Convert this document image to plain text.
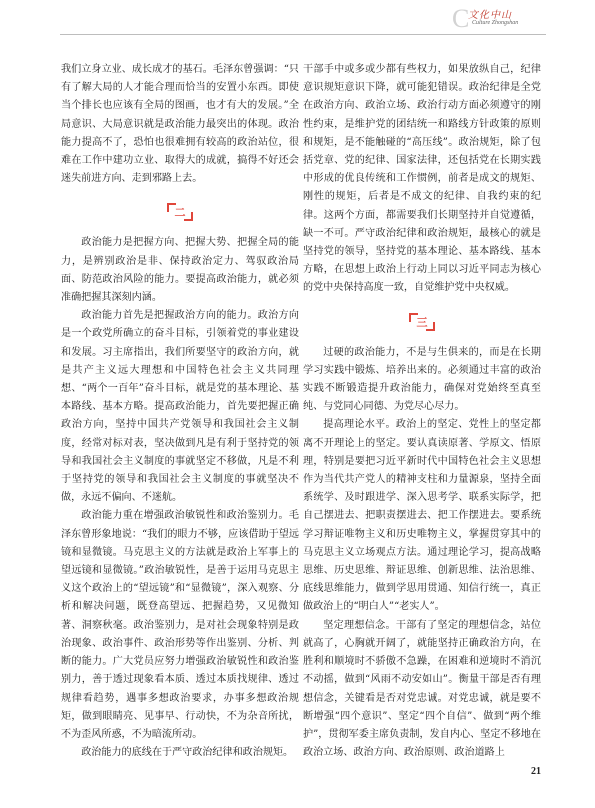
C
文化中山
Culture Zhongshan

我们立身立业、成长成才的基石。毛泽东曾强调：“只有了解大局的人才能合理而恰当的安置小东西。即使当个排长也应该有全局的图画，也才有大的发展。”全局意识、大局意识就是政治能力最突出的体现。政治能力提高不了，恐怕也很难拥有较高的政治站位，很难在工作中建功立业、取得大的成就，搞得不好还会迷失前进方向、走到邪路上去。

二

政治能力是把握方向、把握大势、把握全局的能力，是辨别政治是非、保持政治定力、驾驭政治局面、防范政治风险的能力。要提高政治能力，就必须准确把握其深刻内涵。

政治能力首先是把握政治方向的能力。政治方向是一个政党所确立的奋斗目标，引领着党的事业建设和发展。习主席指出，我们所要坚守的政治方向，就是共产主义远大理想和中国特色社会主义共同理想、“两个一百年”奋斗目标，就是党的基本理论、基本路线、基本方略。提高政治能力，首先要把握正确政治方向，坚持中国共产党领导和我国社会主义制度，经常对标对表，坚决做到凡是有利于坚持党的领导和我国社会主义制度的事就坚定不移做，凡是不利于坚持党的领导和我国社会主义制度的事就坚决不做，永远不偏向、不迷航。

政治能力重在增强政治敏锐性和政治鉴别力。毛泽东曾形象地说：“我们的眼力不够，应该借助于望远镜和显微镜。马克思主义的方法就是政治上军事上的望远镜和显微镜。”政治敏锐性，是善于运用马克思主义这个政治上的“望远镜”和“显微镜”，深入观察、分析和解决问题，既登高望远、把握趋势，又见微知著、洞察秋毫。政治鉴别力，是对社会现象特别是政治现象、政治事件、政治形势等作出鉴别、分析、判断的能力。广大党员应努力增强政治敏锐性和政治鉴别力，善于透过现象看本质、透过本质找规律、透过规律看趋势，遇事多想政治要求，办事多想政治规矩，做到眼睛亮、见事早、行动快，不为杂音所扰，不为歪风所惑，不为暗流所动。

政治能力的底线在于严守政治纪律和政治规矩。

干部手中或多或少都有些权力，如果放纵自己，纪律意识规矩意识下降，就可能犯错误。政治纪律是全党在政治方向、政治立场、政治行动方面必须遵守的刚性约束，是维护党的团结统一和路线方针政策的原则和规矩，是不能触碰的“高压线”。政治规矩，除了包括党章、党的纪律、国家法律，还包括党在长期实践中形成的优良传统和工作惯例，前者是成文的规矩、刚性的规矩，后者是不成文的纪律、自我约束的纪律。这两个方面，都需要我们长期坚持并自觉遵循，缺一不可。严守政治纪律和政治规矩，最核心的就是坚持党的领导，坚持党的基本理论、基本路线、基本方略，在思想上政治上行动上同以习近平同志为核心的党中央保持高度一致，自觉维护党中央权威。

三

过硬的政治能力，不是与生俱来的，而是在长期学习实践中锻炼、培养出来的。必须通过丰富的政治实践不断锻造提升政治能力，确保对党始终至真至纯、与党同心同德、为党尽心尽力。

提高理论水平。政治上的坚定、党性上的坚定都离不开理论上的坚定。要认真读原著、学原文、悟原理，特别是要把习近平新时代中国特色社会主义思想作为当代共产党人的精神支柱和力量源泉，坚持全面系统学、及时跟进学、深入思考学、联系实际学，把自己摆进去、把职责摆进去、把工作摆进去。要系统学习辩证唯物主义和历史唯物主义，掌握贯穿其中的马克思主义立场观点方法。通过理论学习，提高战略思维、历史思维、辩证思维、创新思维、法治思维、底线思维能力，做到学思用贯通、知信行统一，真正做政治上的“明白人”“老实人”。

坚定理想信念。干部有了坚定的理想信念，站位就高了，心胸就开阔了，就能坚持正确政治方向，在胜利和顺境时不骄傲不急躁，在困难和逆境时不消沉不动摇，做到“风雨不动安如山”。衡量干部是否有理想信念，关键看是否对党忠诚。对党忠诚，就是要不断增强“四个意识”、坚定“四个自信”、做到“两个维护”，贯彻军委主席负责制，发自内心、坚定不移地在政治立场、政治方向、政治原则、政治道路上

21
